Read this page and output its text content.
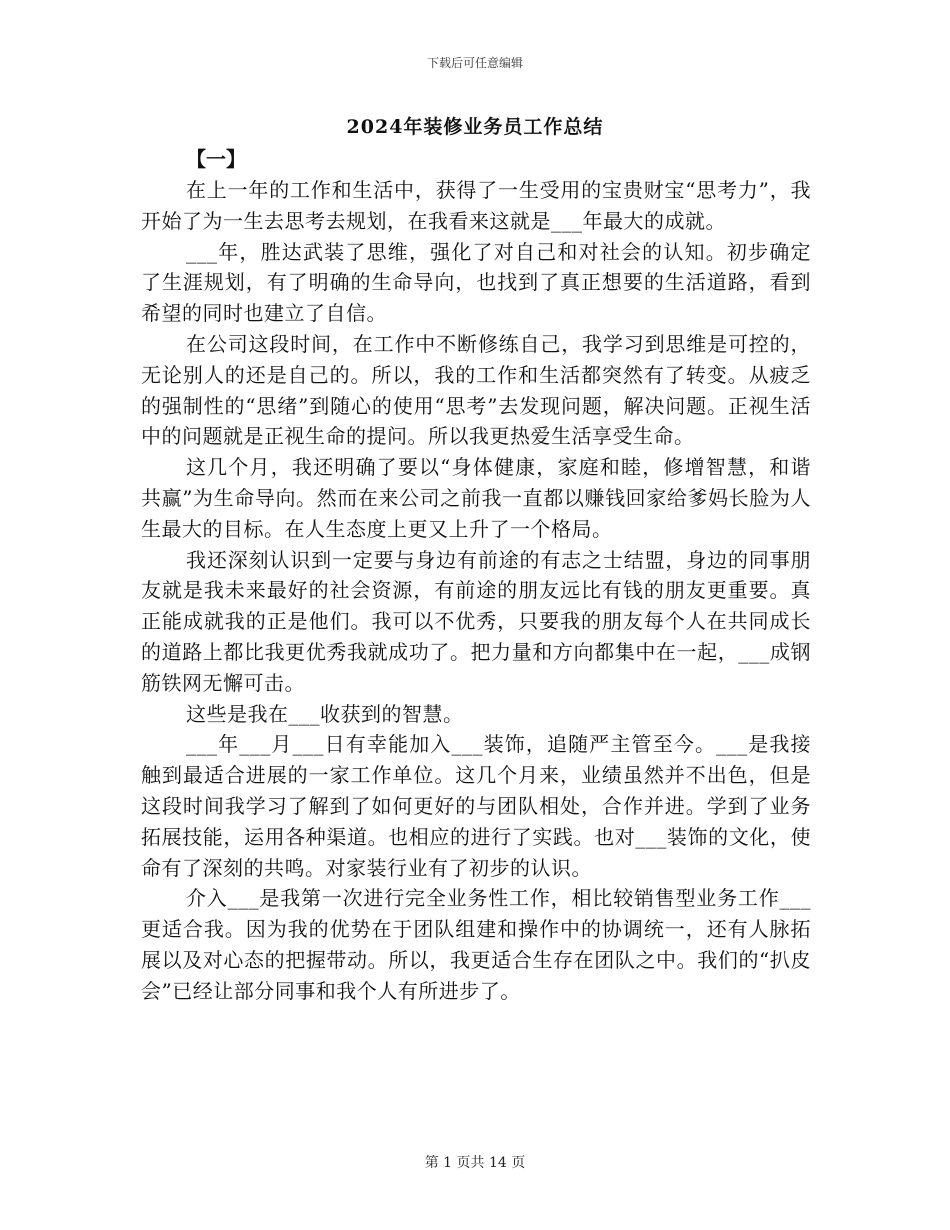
下载后可任意编辑
2024年装修业务员工作总结
【一】

在上一年的工作和生活中，获得了一生受用的宝贵财宝“思考力”，我开始了为一生去思考去规划，在我看来这就是___年最大的成就。

___年，胜达武装了思维，强化了对自己和对社会的认知。初步确定了生涯规划，有了明确的生命导向，也找到了真正想要的生活道路，看到希望的同时也建立了自信。

在公司这段时间，在工作中不断修练自己，我学习到思维是可控的，无论别人的还是自己的。所以，我的工作和生活都突然有了转变。从疲乏的强制性的“思绪”到随心的使用“思考”去发现问题，解决问题。正视生活中的问题就是正视生命的提问。所以我更热爱生活享受生命。

这几个月，我还明确了要以“身体健康，家庭和睦，修增智慧，和谐共赢”为生命导向。然而在来公司之前我一直都以赚钱回家给爹妈长脸为人生最大的目标。在人生态度上更又上升了一个格局。

我还深刻认识到一定要与身边有前途的有志之士结盟，身边的同事朋友就是我未来最好的社会资源，有前途的朋友远比有钱的朋友更重要。真正能成就我的正是他们。我可以不优秀，只要我的朋友每个人在共同成长的道路上都比我更优秀我就成功了。把力量和方向都集中在一起，___成钢筋铁网无懈可击。

这些是我在___收获到的智慧。

___年___月___日有幸能加入___装饰，追随严主管至今。___是我接触到最适合进展的一家工作单位。这几个月来，业绩虽然并不出色，但是这段时间我学习了解到了如何更好的与团队相处，合作并进。学到了业务拓展技能，运用各种渠道。也相应的进行了实践。也对___装饰的文化，使命有了深刻的共鸣。对家装行业有了初步的认识。

介入___是我第一次进行完全业务性工作，相比较销售型业务工作___更适合我。因为我的优势在于团队组建和操作中的协调统一，还有人脉拓展以及对心态的把握带动。所以，我更适合生存在团队之中。我们的“扒皮会”已经让部分同事和我个人有所进步了。

第 1 页共 14 页
